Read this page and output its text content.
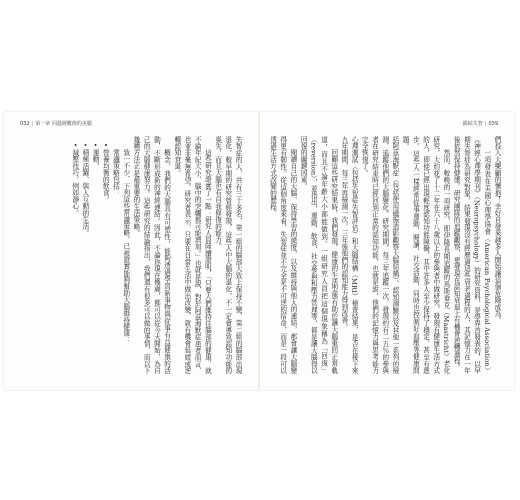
032 | 第一章 同溫層數值的美麗

失智症的人，共有三十多名，第一組的腦部大致上保持不變，第二組的腦部出現退化，較早期的研究曾經發現，這些人中大腦的退化，不一定會導致認知功能的喪失，而且大腦也有自我修復的能力。

這些研究證實了一點：研究人員陸續證明，「只要人們維持住腦部的健康，就不論年紀大小，腦中的突觸都可能增加。」也就是說，對於阿茲海默症患者而言，也並非毫無希望。研究者表示，只要在日常生活中做出改變，就有機會延緩或逆轉認知衰退。

概念，我們的大腦具有可塑性，能夠透過學習新事物與從事有益健康的活動，不斷形成新的神經連結。因此，不論你現在幾歲，都可以從今天開始，為自己的大腦健康努力。這些研究的結論指出，我們還有很多可以做的事情，而以下幾種方法正是最重要的生活策略。

致一不少，下列這些常識策略，已被證實能夠幫助大腦維持健康：

常識策略包括：

• 營養均衡的飲食。
• 運動。
• 積極活躍、與人互動的生活。
• 減壓技巧，例如靜心。
錯結失智 | 039

們投入大樂顧的懷抱！幸好自發來越多人開始讓這個危險成為。

一項發表在美國心理學協會（American Psychological Association）《神經心理學期刊》（Neuropsychology）的研究資料，是學界首發表的，以早期失智症為研究對象，結果發現沒有經歷過這些衰老過程的人，其記憶力在一年後依然保持健康。研究團隊的追蹤觀察，更發現在認知衰退上有機會逆轉過程。

然而，較晚的一項研究，即伊隆長期追蹤的馬斯垂克（Maastricht）老化研究，大約花了十二年在六十八歲以上的參與者中做研究，發現有健康生活方式的人，即便已經出現輕度認知功能障礙，其中許多人至少保持了穩定，甚至有進步。這些人一樣經常從事運動、閱讀、社交活動，同時也控制好血壓等健康問題。

括阿茲海默症（包括使用磁振造影觀察大腦結構）、認知測驗以及其他一系列的檢測，追蹤他們的大腦變化。研究期間，每三年追蹤一次，發現約有二五％的參與者在研究結束時已經回到正常的認知功能，也就是說，他們的記憶力與思考能力完全恢復了。

心理測試（包括失智症失智評估）和大腦結構（MRI）檢查結果，是否在接下來九年期間，每三年再檢測一次，三年後他們的認知能力得到改善。

回顧這些研究結果時，我們發現，健康的生活型態有助於讓大腦重回正常軌道，而且不論年齡大小都能做到。一組研究人員把這個現象稱為「回復」（reversion），並指出，運動、飲食、社交參與和壓力管理等，都是讓大腦得以回復的關鍵因素。

閱讀自己的大腦、保持學習的態度，以及維持與他人的連結，都會讓大腦變得更有韌性。從這個角度來看，失智症並不完全是不可逆的宿命，而是一段可以透過生活方式改變的歷程。
